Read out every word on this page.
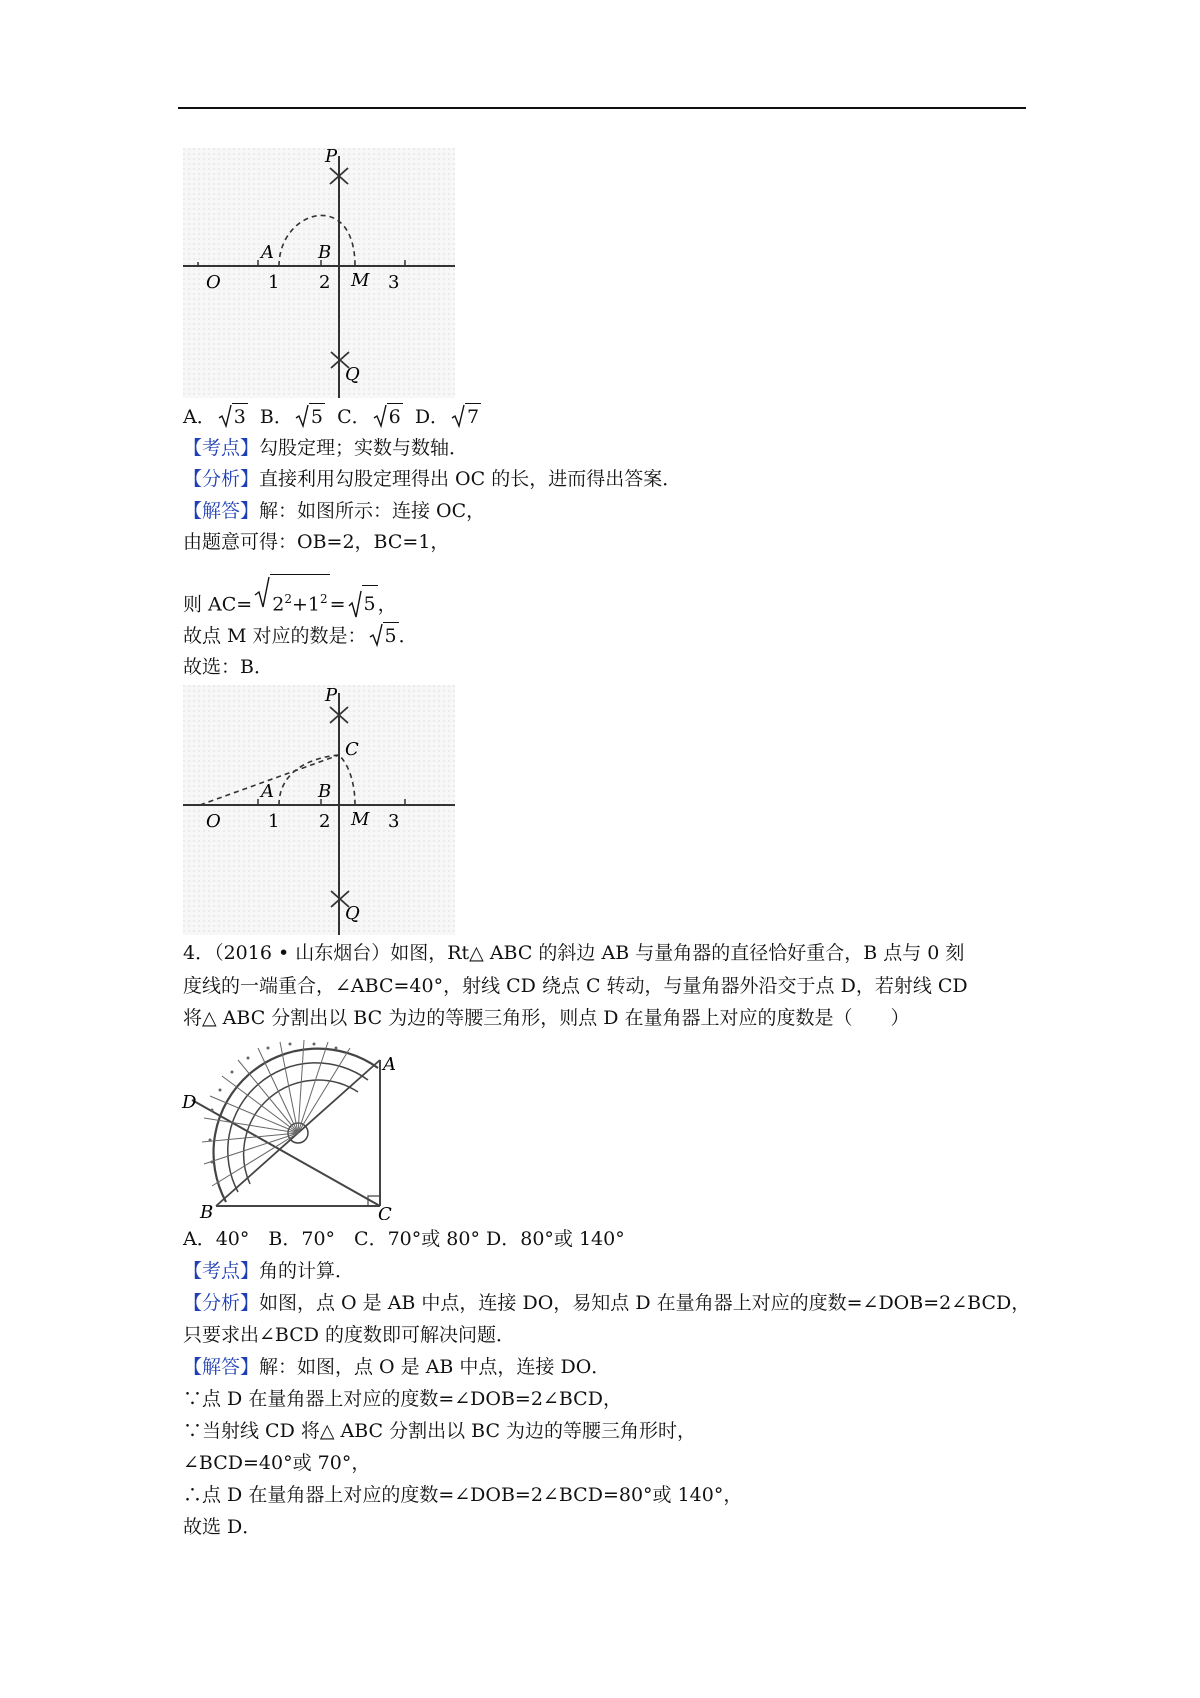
P
Q
A B
O	M
1 2	3
A． 3 B． 5 C． 6 D． 7
【考点】勾股定理；实数与数轴．
【分析】直接利用勾股定理得出 OC 的长，进而得出答案．
【解答】解：如图所示：连接 OC，
由题意可得：OB=2，BC=1，
则 $AC= 2^2+1^2 = 5$ ，
故点 M 对应的数是： 5 ．
故选：B．
P
Q
C
A B
O	M
1 2	3
4．（2016 • 山东烟台）如图，Rt△ ABC 的斜边 AB 与量角器的直径恰好重合，B 点与 0 刻
度线的一端重合，∠ABC=40°，射线 CD 绕点 C 转动，与量角器外沿交于点 D，若射线 CD
将△ ABC 分割出以 BC 为边的等腰三角形，则点 D 在量角器上对应的度数是（　　）
A
D
B	C
A．40°　B．70°　C．70°或 80° D．80°或 140°
【考点】角的计算．
【分析】如图，点 O 是 AB 中点，连接 DO，易知点 D 在量角器上对应的度数=∠DOB=2∠BCD，
只要求出∠BCD 的度数即可解决问题．
【解答】解：如图，点 O 是 AB 中点，连接 DO．
∵点 D 在量角器上对应的度数=∠DOB=2∠BCD，
∵当射线 CD 将△ ABC 分割出以 BC 为边的等腰三角形时，
∠BCD=40°或 70°，
∴点 D 在量角器上对应的度数=∠DOB=2∠BCD=80°或 140°，
故选 D．
